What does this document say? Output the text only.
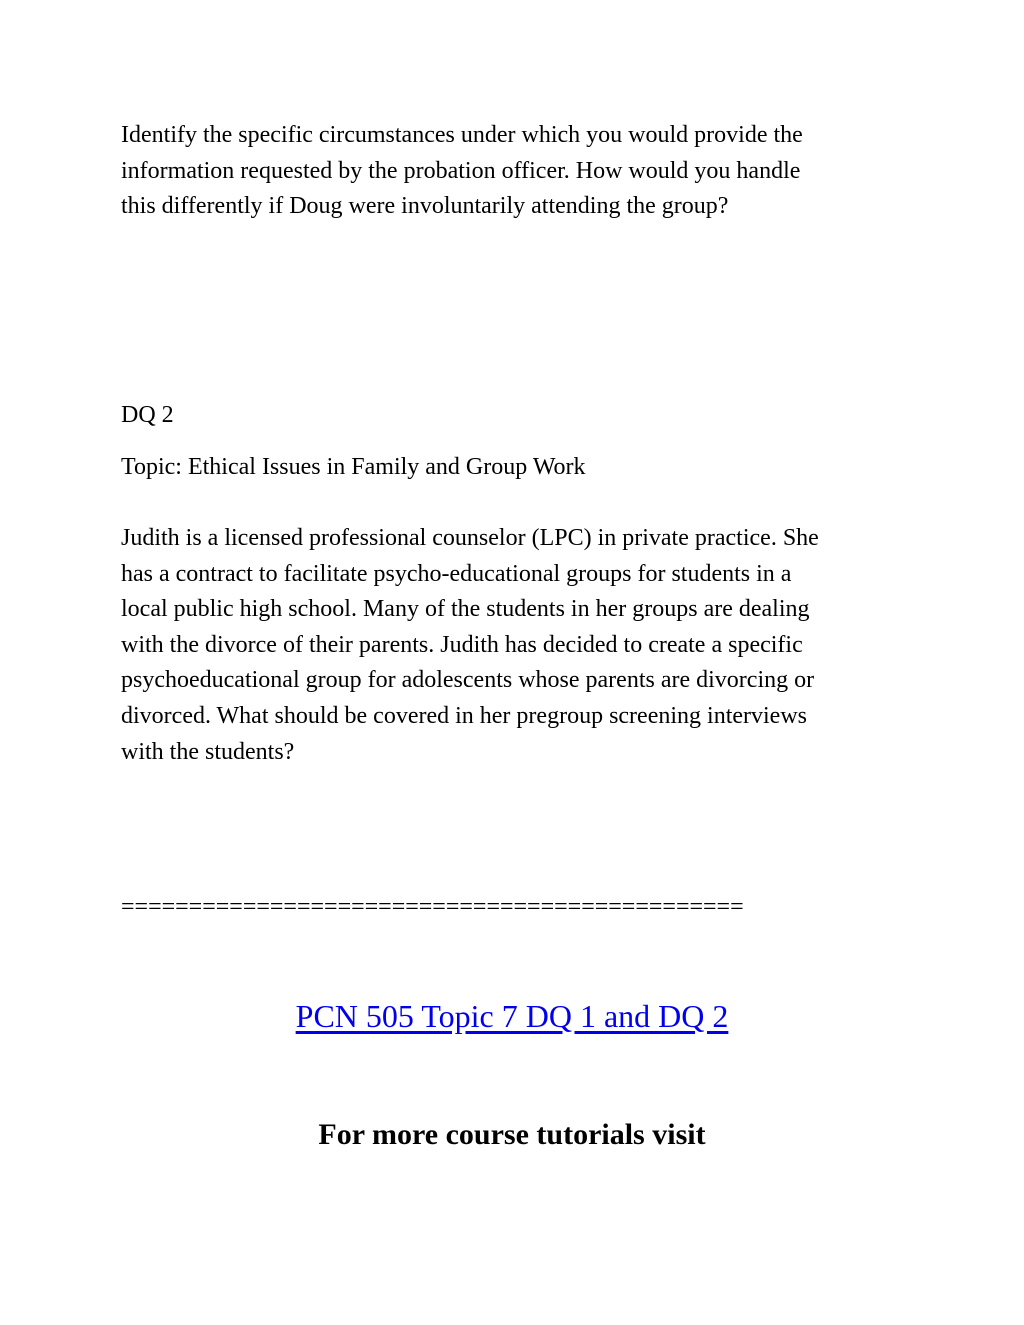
Identify the specific circumstances under which you would provide the
information requested by the probation officer. How would you handle
this differently if Doug were involuntarily attending the group?

DQ 2

Topic: Ethical Issues in Family and Group Work

Judith is a licensed professional counselor (LPC) in private practice. She
has a contract to facilitate psycho-educational groups for students in a
local public high school. Many of the students in her groups are dealing
with the divorce of their parents. Judith has decided to create a specific
psychoeducational group for adolescents whose parents are divorcing or
divorced. What should be covered in her pregroup screening interviews
with the students?

==============================================

PCN 505 Topic 7 DQ 1 and DQ 2

For more course tutorials visit
